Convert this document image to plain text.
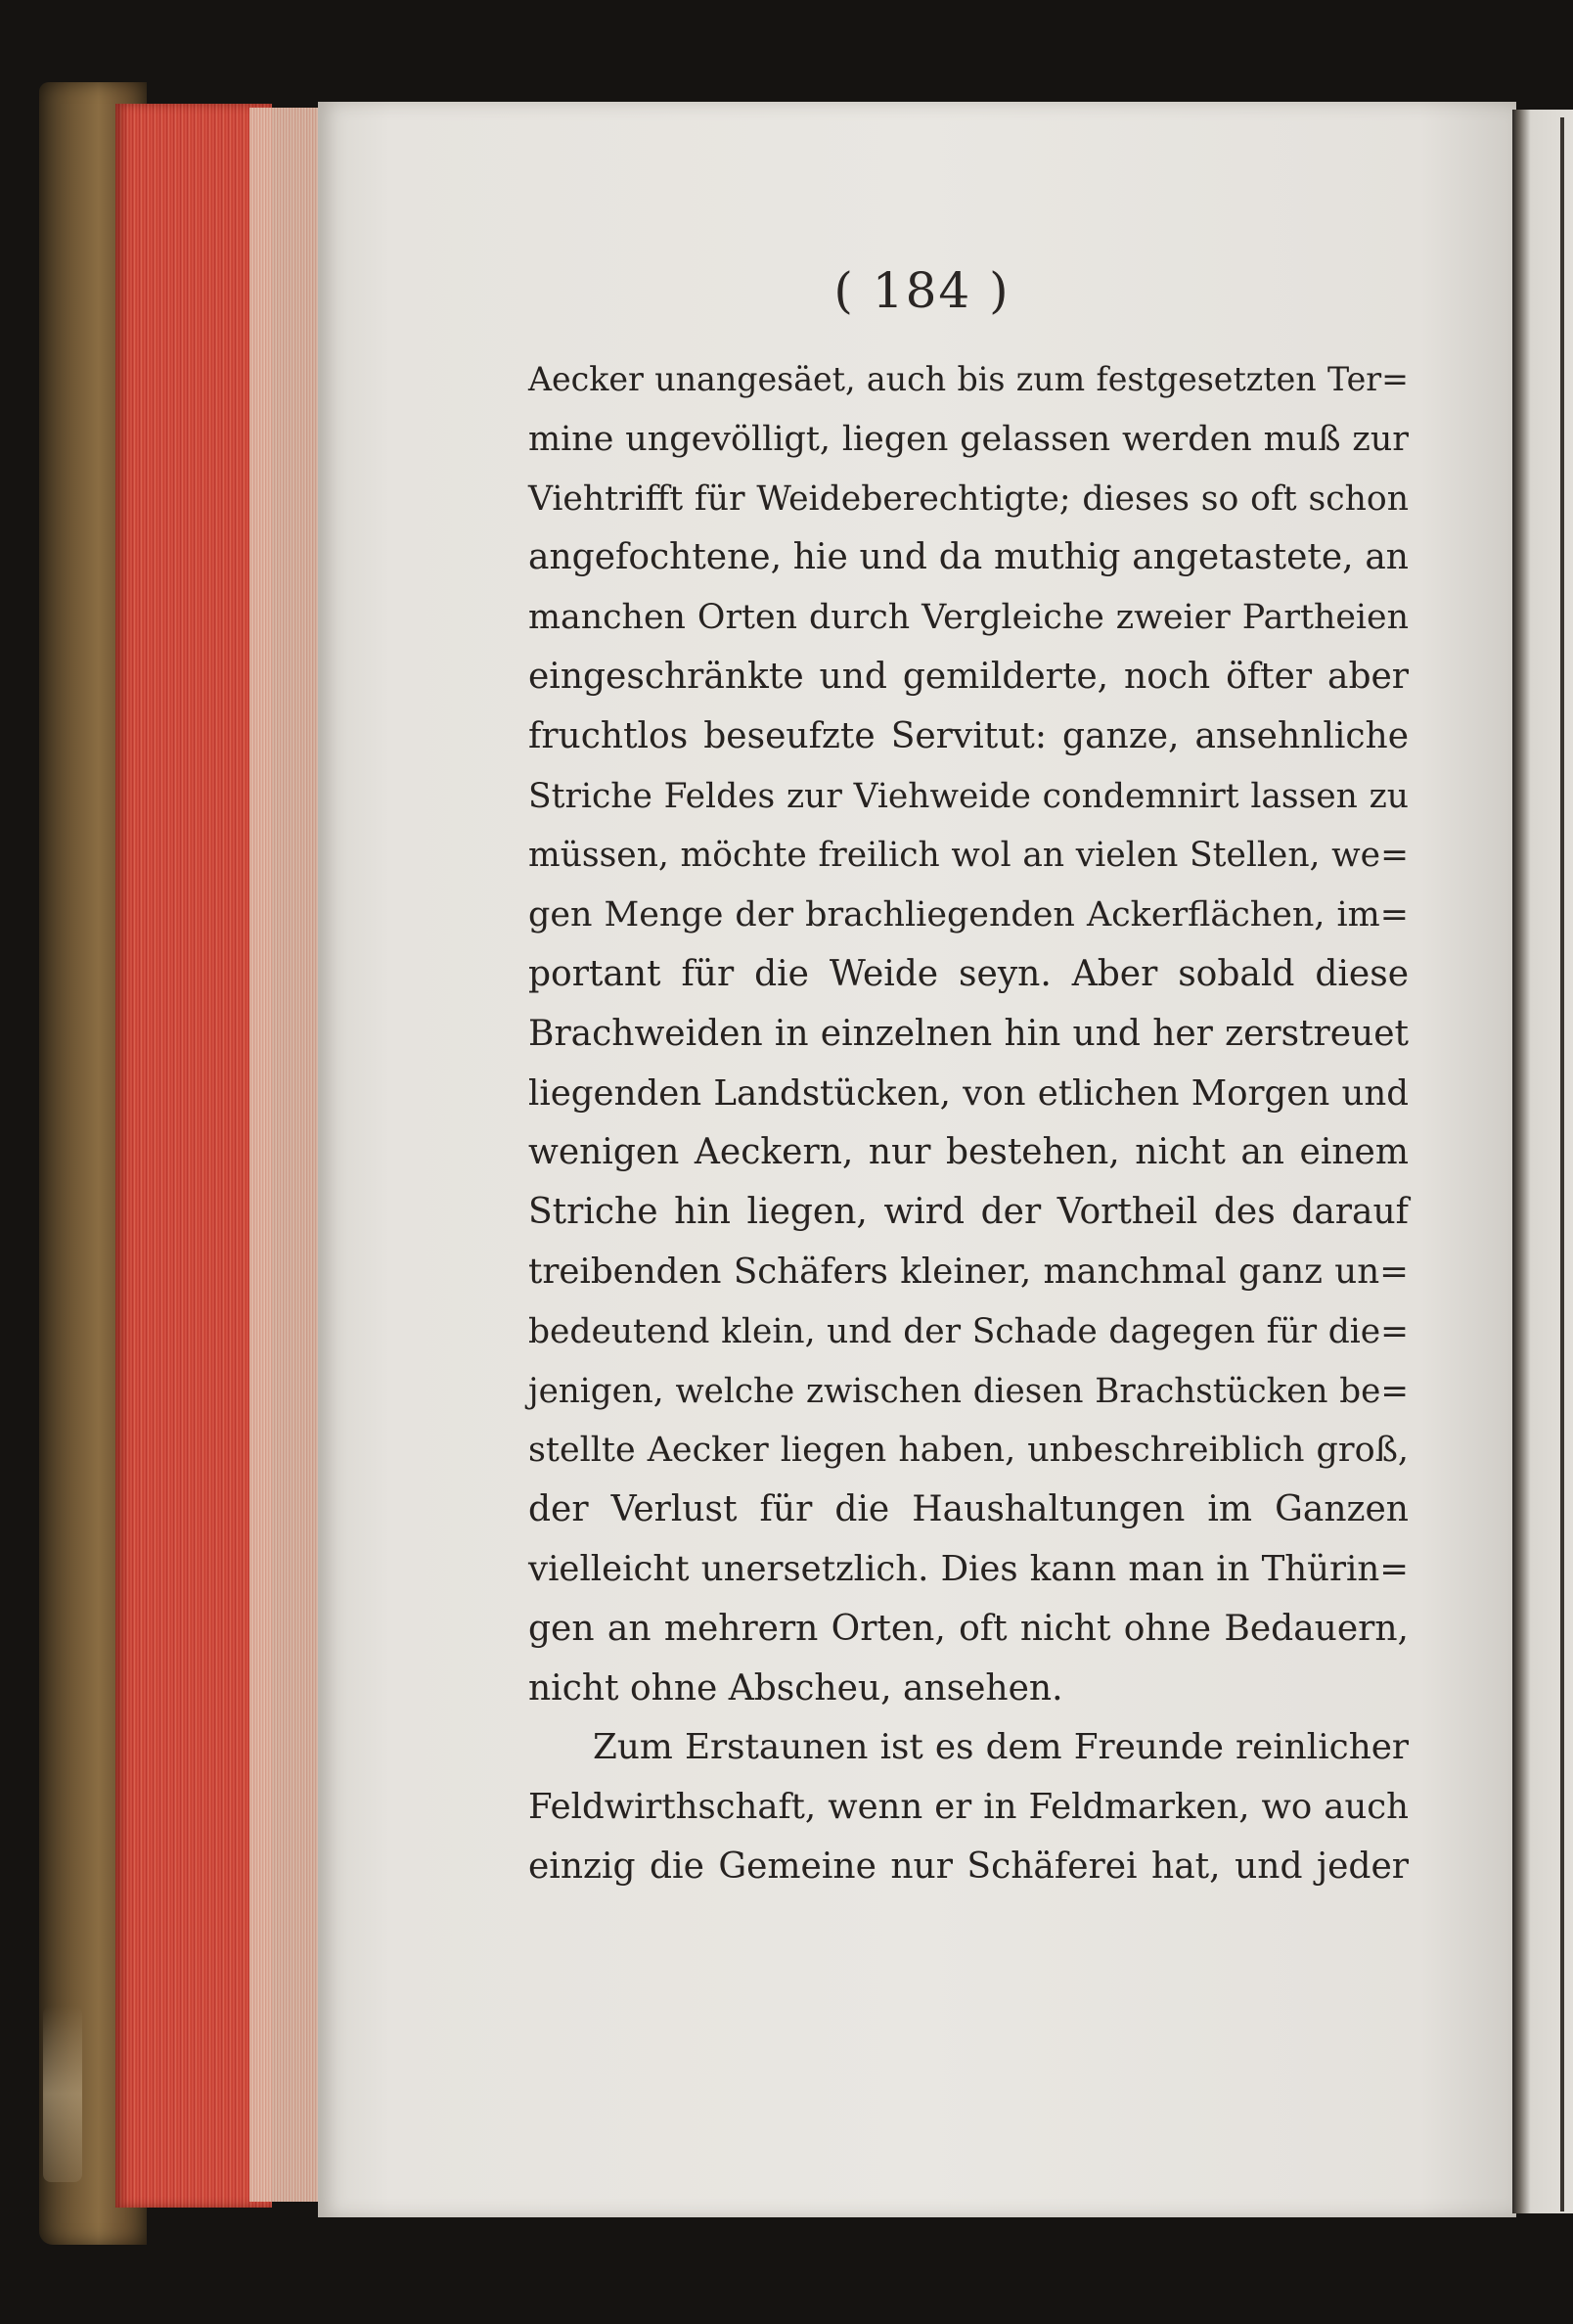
( 184 )
Aecker unangesäet, auch bis zum festgesetzten Ter=
mine ungevölligt, liegen gelassen werden muß zur
Viehtrifft für Weideberechtigte; dieses so oft schon
angefochtene, hie und da muthig angetastete, an
manchen Orten durch Vergleiche zweier Partheien
eingeschränkte und gemilderte, noch öfter aber
fruchtlos beseufzte Servitut: ganze, ansehnliche
Striche Feldes zur Viehweide condemnirt lassen zu
müssen, möchte freilich wol an vielen Stellen, we=
gen Menge der brachliegenden Ackerflächen, im=
portant für die Weide seyn. Aber sobald diese
Brachweiden in einzelnen hin und her zerstreuet
liegenden Landstücken, von etlichen Morgen und
wenigen Aeckern, nur bestehen, nicht an einem
Striche hin liegen, wird der Vortheil des darauf
treibenden Schäfers kleiner, manchmal ganz un=
bedeutend klein, und der Schade dagegen für die=
jenigen, welche zwischen diesen Brachstücken be=
stellte Aecker liegen haben, unbeschreiblich groß,
der Verlust für die Haushaltungen im Ganzen
vielleicht unersetzlich. Dies kann man in Thürin=
gen an mehrern Orten, oft nicht ohne Bedauern,
nicht ohne Abscheu, ansehen.
Zum Erstaunen ist es dem Freunde reinlicher
Feldwirthschaft, wenn er in Feldmarken, wo auch
einzig die Gemeine nur Schäferei hat, und jeder
